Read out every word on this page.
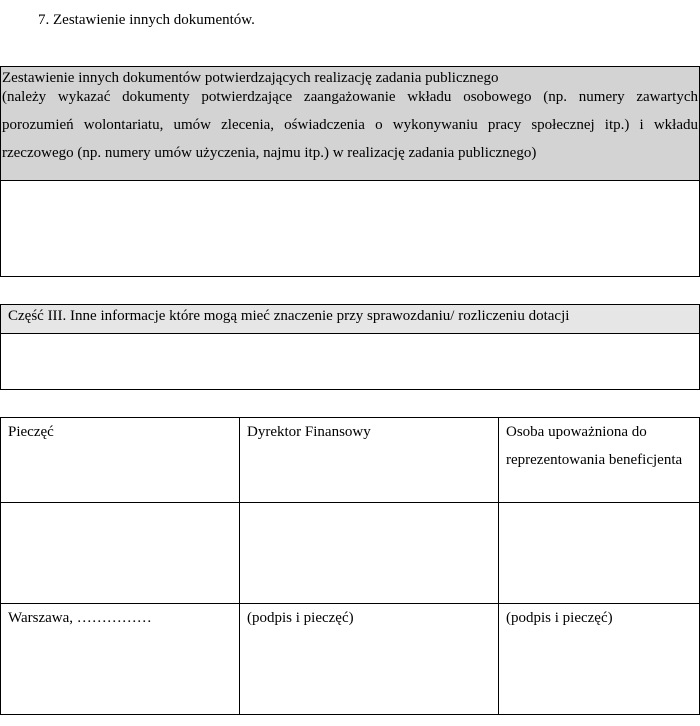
7. Zestawienie innych dokumentów.
Zestawienie innych dokumentów potwierdzających realizację zadania publicznego
(należy wykazać dokumenty potwierdzające zaangażowanie wkładu osobowego (np. numery zawartych porozumień wolontariatu, umów zlecenia, oświadczenia o wykonywaniu pracy społecznej itp.) i wkładu rzeczowego (np. numery umów użyczenia, najmu itp.) w realizację zadania publicznego)
Część III. Inne informacje które mogą mieć znaczenie przy sprawozdaniu/ rozliczeniu dotacji
Pieczęć	Dyrektor Finansowy	Osoba upoważniona do reprezentowania beneficjenta

Warszawa, ……………	(podpis i pieczęć)	(podpis i pieczęć)
